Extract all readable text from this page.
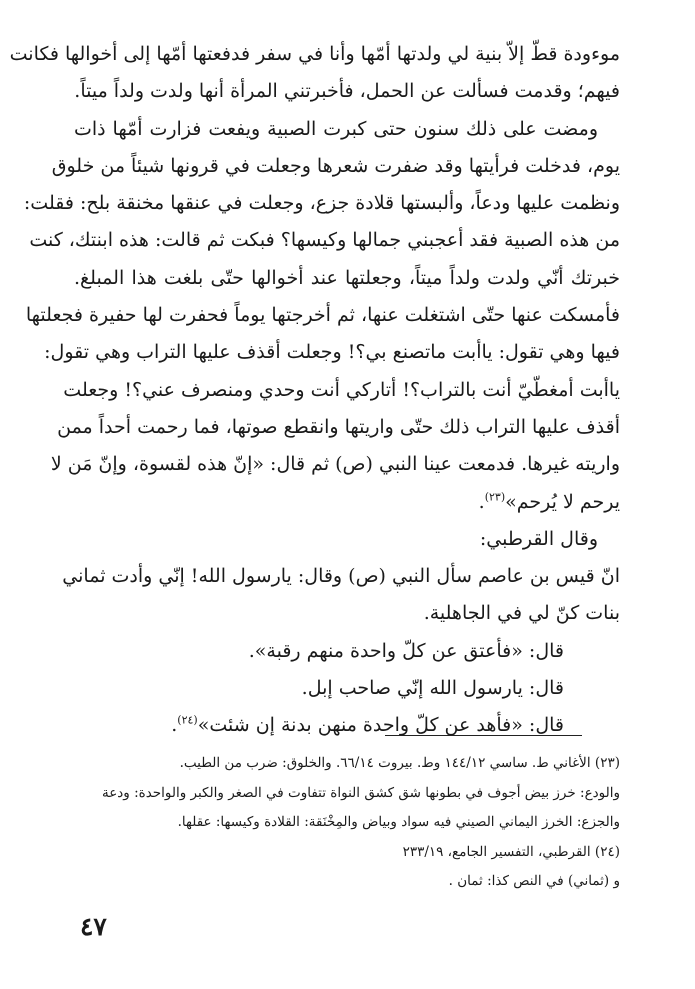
موءودة قطّ إلاّ بنية لي ولدتها أمّها وأنا في سفر فدفعتها أمّها إلى أخوالها فكانت
فيهم؛ وقدمت فسألت عن الحمل، فأخبرتني المرأة أنها ولدت ولداً ميتاً.
ومضت على ذلك سنون حتى كبرت الصبية ويفعت فزارت أمّها ذات
يوم، فدخلت فرأيتها وقد ضفرت شعرها وجعلت في قرونها شيئاً من خلوق
ونظمت عليها ودعاً، وألبستها قلادة جزع، وجعلت في عنقها مخنقة بلح: فقلت:
من هذه الصبية فقد أعجبني جمالها وكيسها؟ فبكت ثم قالت: هذه ابنتك، كنت
خبرتك أنّي ولدت ولداً ميتاً، وجعلتها عند أخوالها حتّى بلغت هذا المبلغ.
فأمسكت عنها حتّى اشتغلت عنها، ثم أخرجتها يوماً فحفرت لها حفيرة فجعلتها
فيها وهي تقول: ياأبت ماتصنع بي؟! وجعلت أقذف عليها التراب وهي تقول:
ياأبت أمغطّيّ أنت بالتراب؟! أتاركي أنت وحدي ومنصرف عني؟! وجعلت
أقذف عليها التراب ذلك حتّى واريتها وانقطع صوتها، فما رحمت أحداً ممن
واريته غيرها. فدمعت عينا النبي (ص) ثم قال: «إنّ هذه لقسوة، وإنّ مَن لا
يرحم لا يُرحم»$^{(٢٣)}$.
وقال القرطبي:
انّ قيس بن عاصم سأل النبي (ص) وقال: يارسول الله! إنّي وأدت ثماني
بنات كنّ لي في الجاهلية.
قال: «فأعتق عن كلّ واحدة منهم رقبة».
قال: يارسول الله إنّي صاحب إبل.
قال: «فأهد عن كلّ واحدة منهن بدنة إن شئت»$^{(٢٤)}$.
(٢٣) الأغاني ط. ساسي ١٤٤/١٢ وط. بيروت ٦٦/١٤. والخلوق: ضرب من الطيب.
والودع: خرز بيض أجوف في بطونها شق كشق النواة تتفاوت في الصغر والكبر والواحدة: ودعة
والجزع: الخرز اليماني الصيني فيه سواد وبياض والمِخْنَقة: القلادة وكيسها: عقلها.
(٢٤) القرطبي، التفسير الجامع، ٢٣٣/١٩
و (ثماني) في النص كذا: ثمان .
٤٧
